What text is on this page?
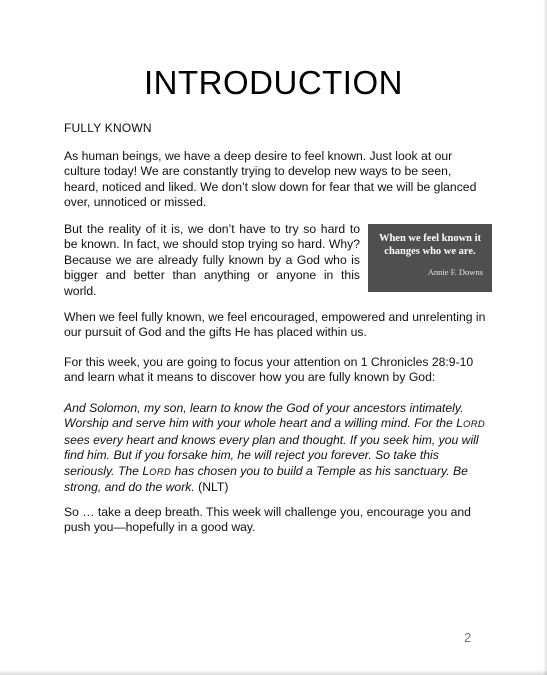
INTRODUCTION
FULLY KNOWN

As human beings, we have a deep desire to feel known. Just look at our culture today! We are constantly trying to develop new ways to be seen, heard, noticed and liked. We don’t slow down for fear that we will be glanced over, unnoticed or missed.

But the reality of it is, we don’t have to try so hard to be known. In fact, we should stop trying so hard. Why? Because we are already fully known by a God who is bigger and better than anything or anyone in this world.

When we feel known it changes who we are.
Annie F. Downs

When we feel fully known, we feel encouraged, empowered and unrelenting in our pursuit of God and the gifts He has placed within us.

For this week, you are going to focus your attention on 1 Chronicles 28:9-10 and learn what it means to discover how you are fully known by God:

And Solomon, my son, learn to know the God of your ancestors intimately. Worship and serve him with your whole heart and a willing mind. For the LORD sees every heart and knows every plan and thought. If you seek him, you will find him. But if you forsake him, he will reject you forever. So take this seriously. The LORD has chosen you to build a Temple as his sanctuary. Be strong, and do the work. (NLT)

So … take a deep breath. This week will challenge you, encourage you and push you—hopefully in a good way.

2
